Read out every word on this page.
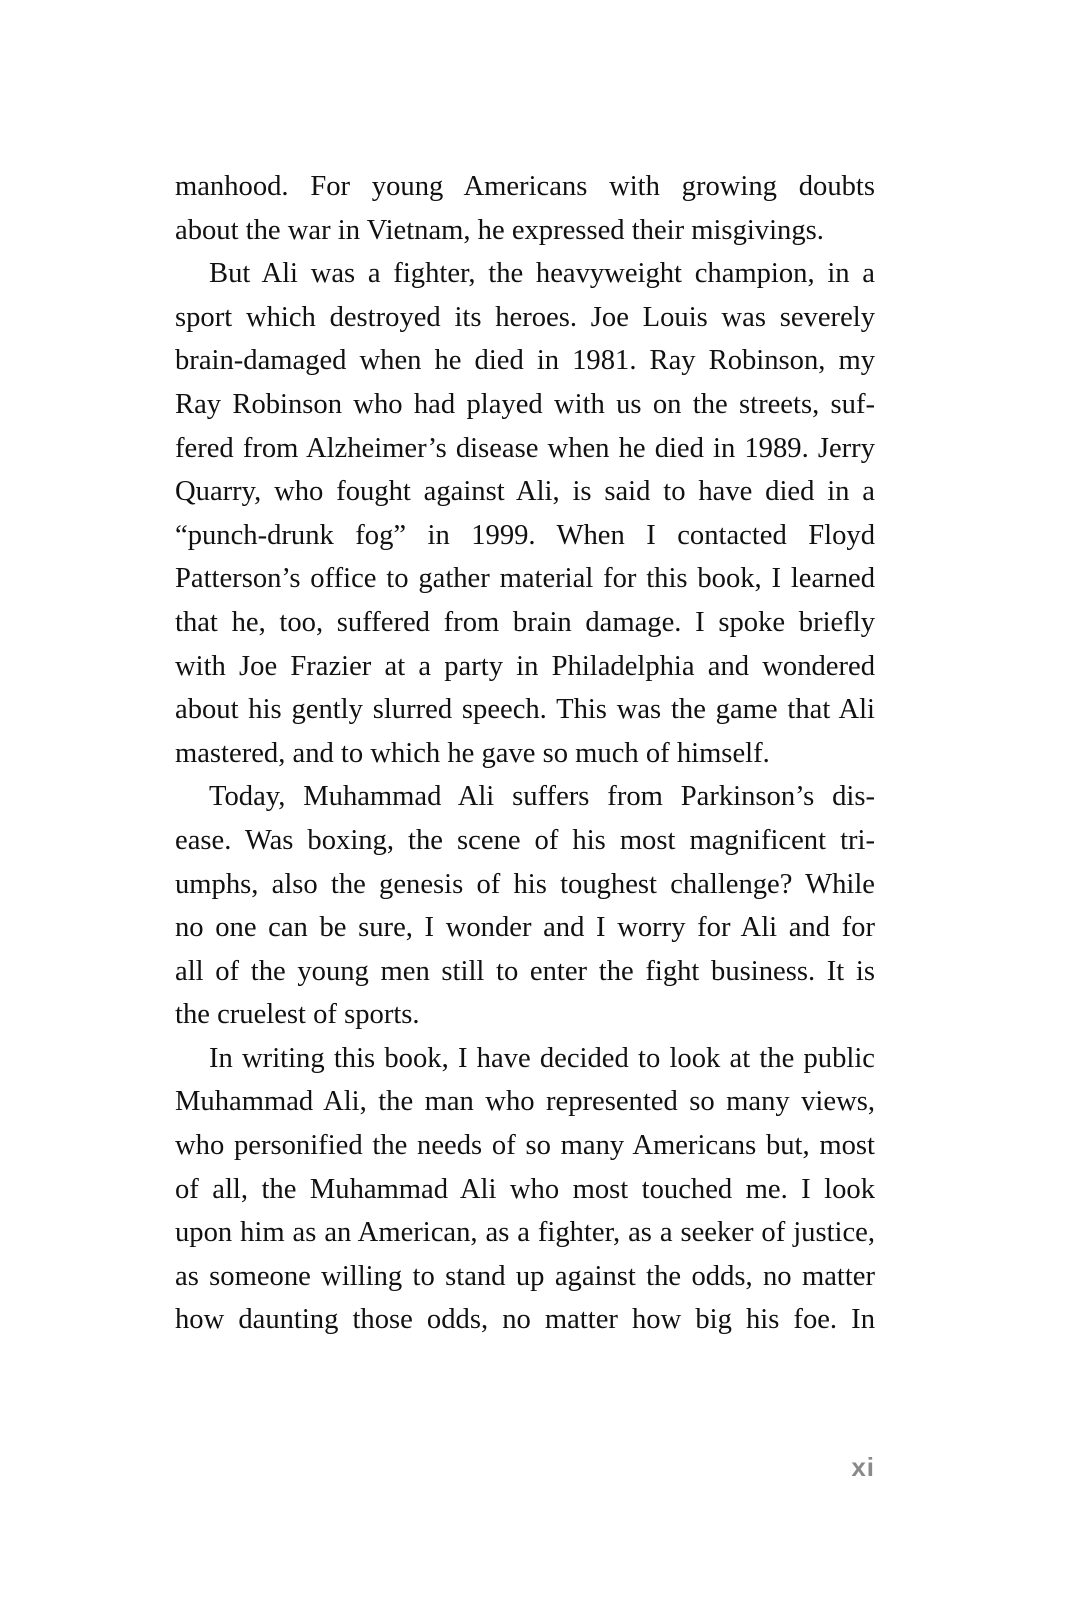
manhood. For young Americans with growing doubts
about the war in Vietnam, he expressed their misgivings.
But Ali was a fighter, the heavyweight champion, in a
sport which destroyed its heroes. Joe Louis was severely
brain-damaged when he died in 1981. Ray Robinson, my
Ray Robinson who had played with us on the streets, suf-
fered from Alzheimer’s disease when he died in 1989. Jerry
Quarry, who fought against Ali, is said to have died in a
“punch-drunk fog” in 1999. When I contacted Floyd
Patterson’s office to gather material for this book, I learned
that he, too, suffered from brain damage. I spoke briefly
with Joe Frazier at a party in Philadelphia and wondered
about his gently slurred speech. This was the game that Ali
mastered, and to which he gave so much of himself.
Today, Muhammad Ali suffers from Parkinson’s dis-
ease. Was boxing, the scene of his most magnificent tri-
umphs, also the genesis of his toughest challenge? While
no one can be sure, I wonder and I worry for Ali and for
all of the young men still to enter the fight business. It is
the cruelest of sports.
In writing this book, I have decided to look at the public
Muhammad Ali, the man who represented so many views,
who personified the needs of so many Americans but, most
of all, the Muhammad Ali who most touched me. I look
upon him as an American, as a fighter, as a seeker of justice,
as someone willing to stand up against the odds, no matter
how daunting those odds, no matter how big his foe. In
xi
